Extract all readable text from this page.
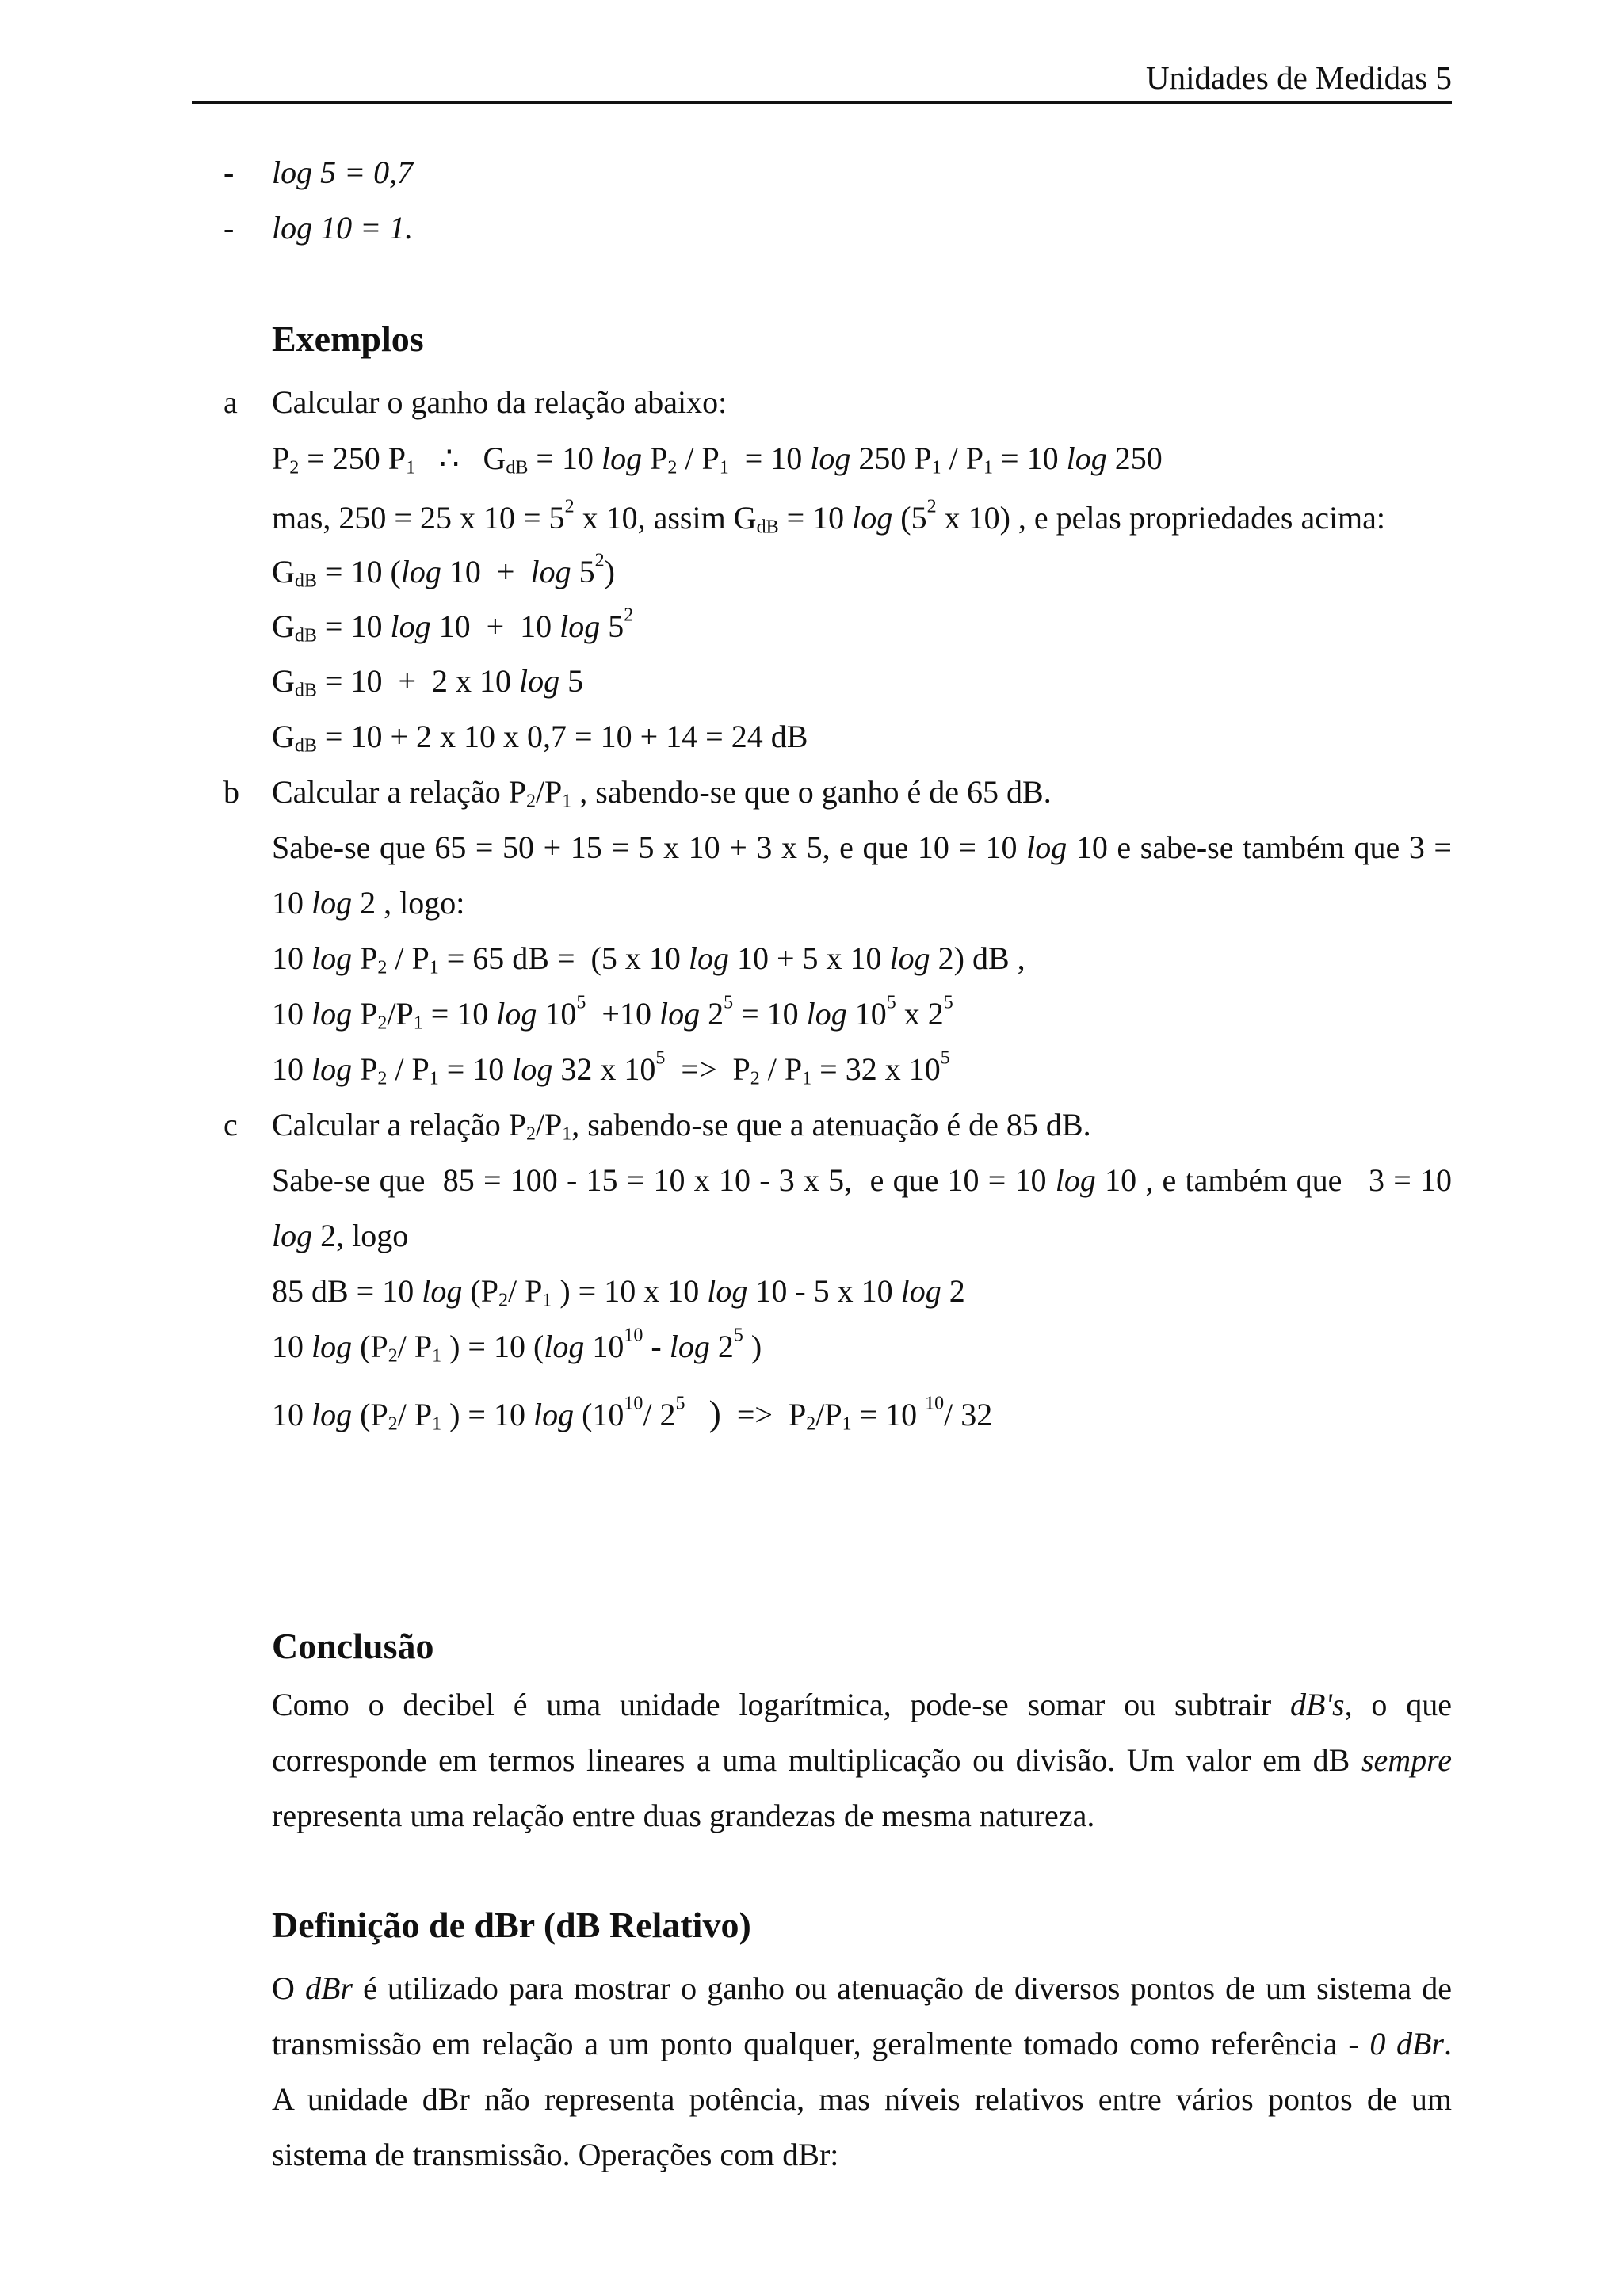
Unidades de Medidas 5
- log 5 = 0,7
- log 10 = 1.
Exemplos
a Calcular o ganho da relação abaixo:
$P_2 = 250$ $P_1$   ∴   $G_{dB} = 10$ $\log P_2 / P_1 = 10$ log 250 $P_1 / P_1 = 10$ log 250
mas, 250 = 25 x $10 = 5^2$ x 10, assim $G_{dB} = 10$ $\log (5^2$ x 10) , e pelas propriedades acima:
$G_{dB} = 10$ (log $10 + \log 5^2$)
$G_{dB} = 10$ log 10  +  10 $\log 5^2$
$G_{dB} = 10 + 2$ x 10 log 5
$G_{dB} = 10 + 2$ x 10 x 0,7 = 10 + 14 = 24 dB
b Calcular a relação $P_2/P_1$ , sabendo-se que o ganho é de 65 dB.
Sabe-se que 65 = 50 + 15 = 5 x 10 + 3 x 5, e que 10 = 10 log 10 e sabe-se também que 3 =
10 log 2 , logo:
10 $\log P_2 / P_1 = 65$ dB =  (5 x 10 log 10 + 5 x 10 log 2) dB ,
10 $\log P_2/P_1 = 10$ $\log 10^5 +10$ $\log 2^5 = 10$ $\log 10^5$ x $2^5$
10 $\log P_2 / P_1 = 10$ log 32 x $10^5 => P_2 / P_1 = 32$ x $10^5$
c Calcular a relação $P_2/P_1$, sabendo-se que a atenuação é de 85 dB.
Sabe-se que  85 = 100 - 15 = 10 x 10 - 3 x 5,  e que 10 = 10 log 10 , e também que   3 = 10
log 2, logo
85 dB = 10 $\log (P_2/$ $P_1$ ) = 10 x 10 log 10 - 5 x 10 log 2
10 $\log (P_2/$ $P_1$ ) = 10 (log $10^{10}$ - $\log 2^5$ )
10 $\log (P_2/$ $P_1$ ) = 10 $\log (10^{10}/$ $2^5$ )  =>  $P_2/P_1 = 10$ $^{10}$/ 32
Conclusão
Como o decibel é uma unidade logarítmica, pode-se somar ou subtrair dB's, o que
corresponde em termos lineares a uma multiplicação ou divisão. Um valor em dB sempre
representa uma relação entre duas grandezas de mesma natureza.
Definição de dBr (dB Relativo)
O dBr é utilizado para mostrar o ganho ou atenuação de diversos pontos de um sistema de
transmissão em relação a um ponto qualquer, geralmente tomado como referência - 0 dBr.
A unidade dBr não representa potência, mas níveis relativos entre vários pontos de um
sistema de transmissão. Operações com dBr:
